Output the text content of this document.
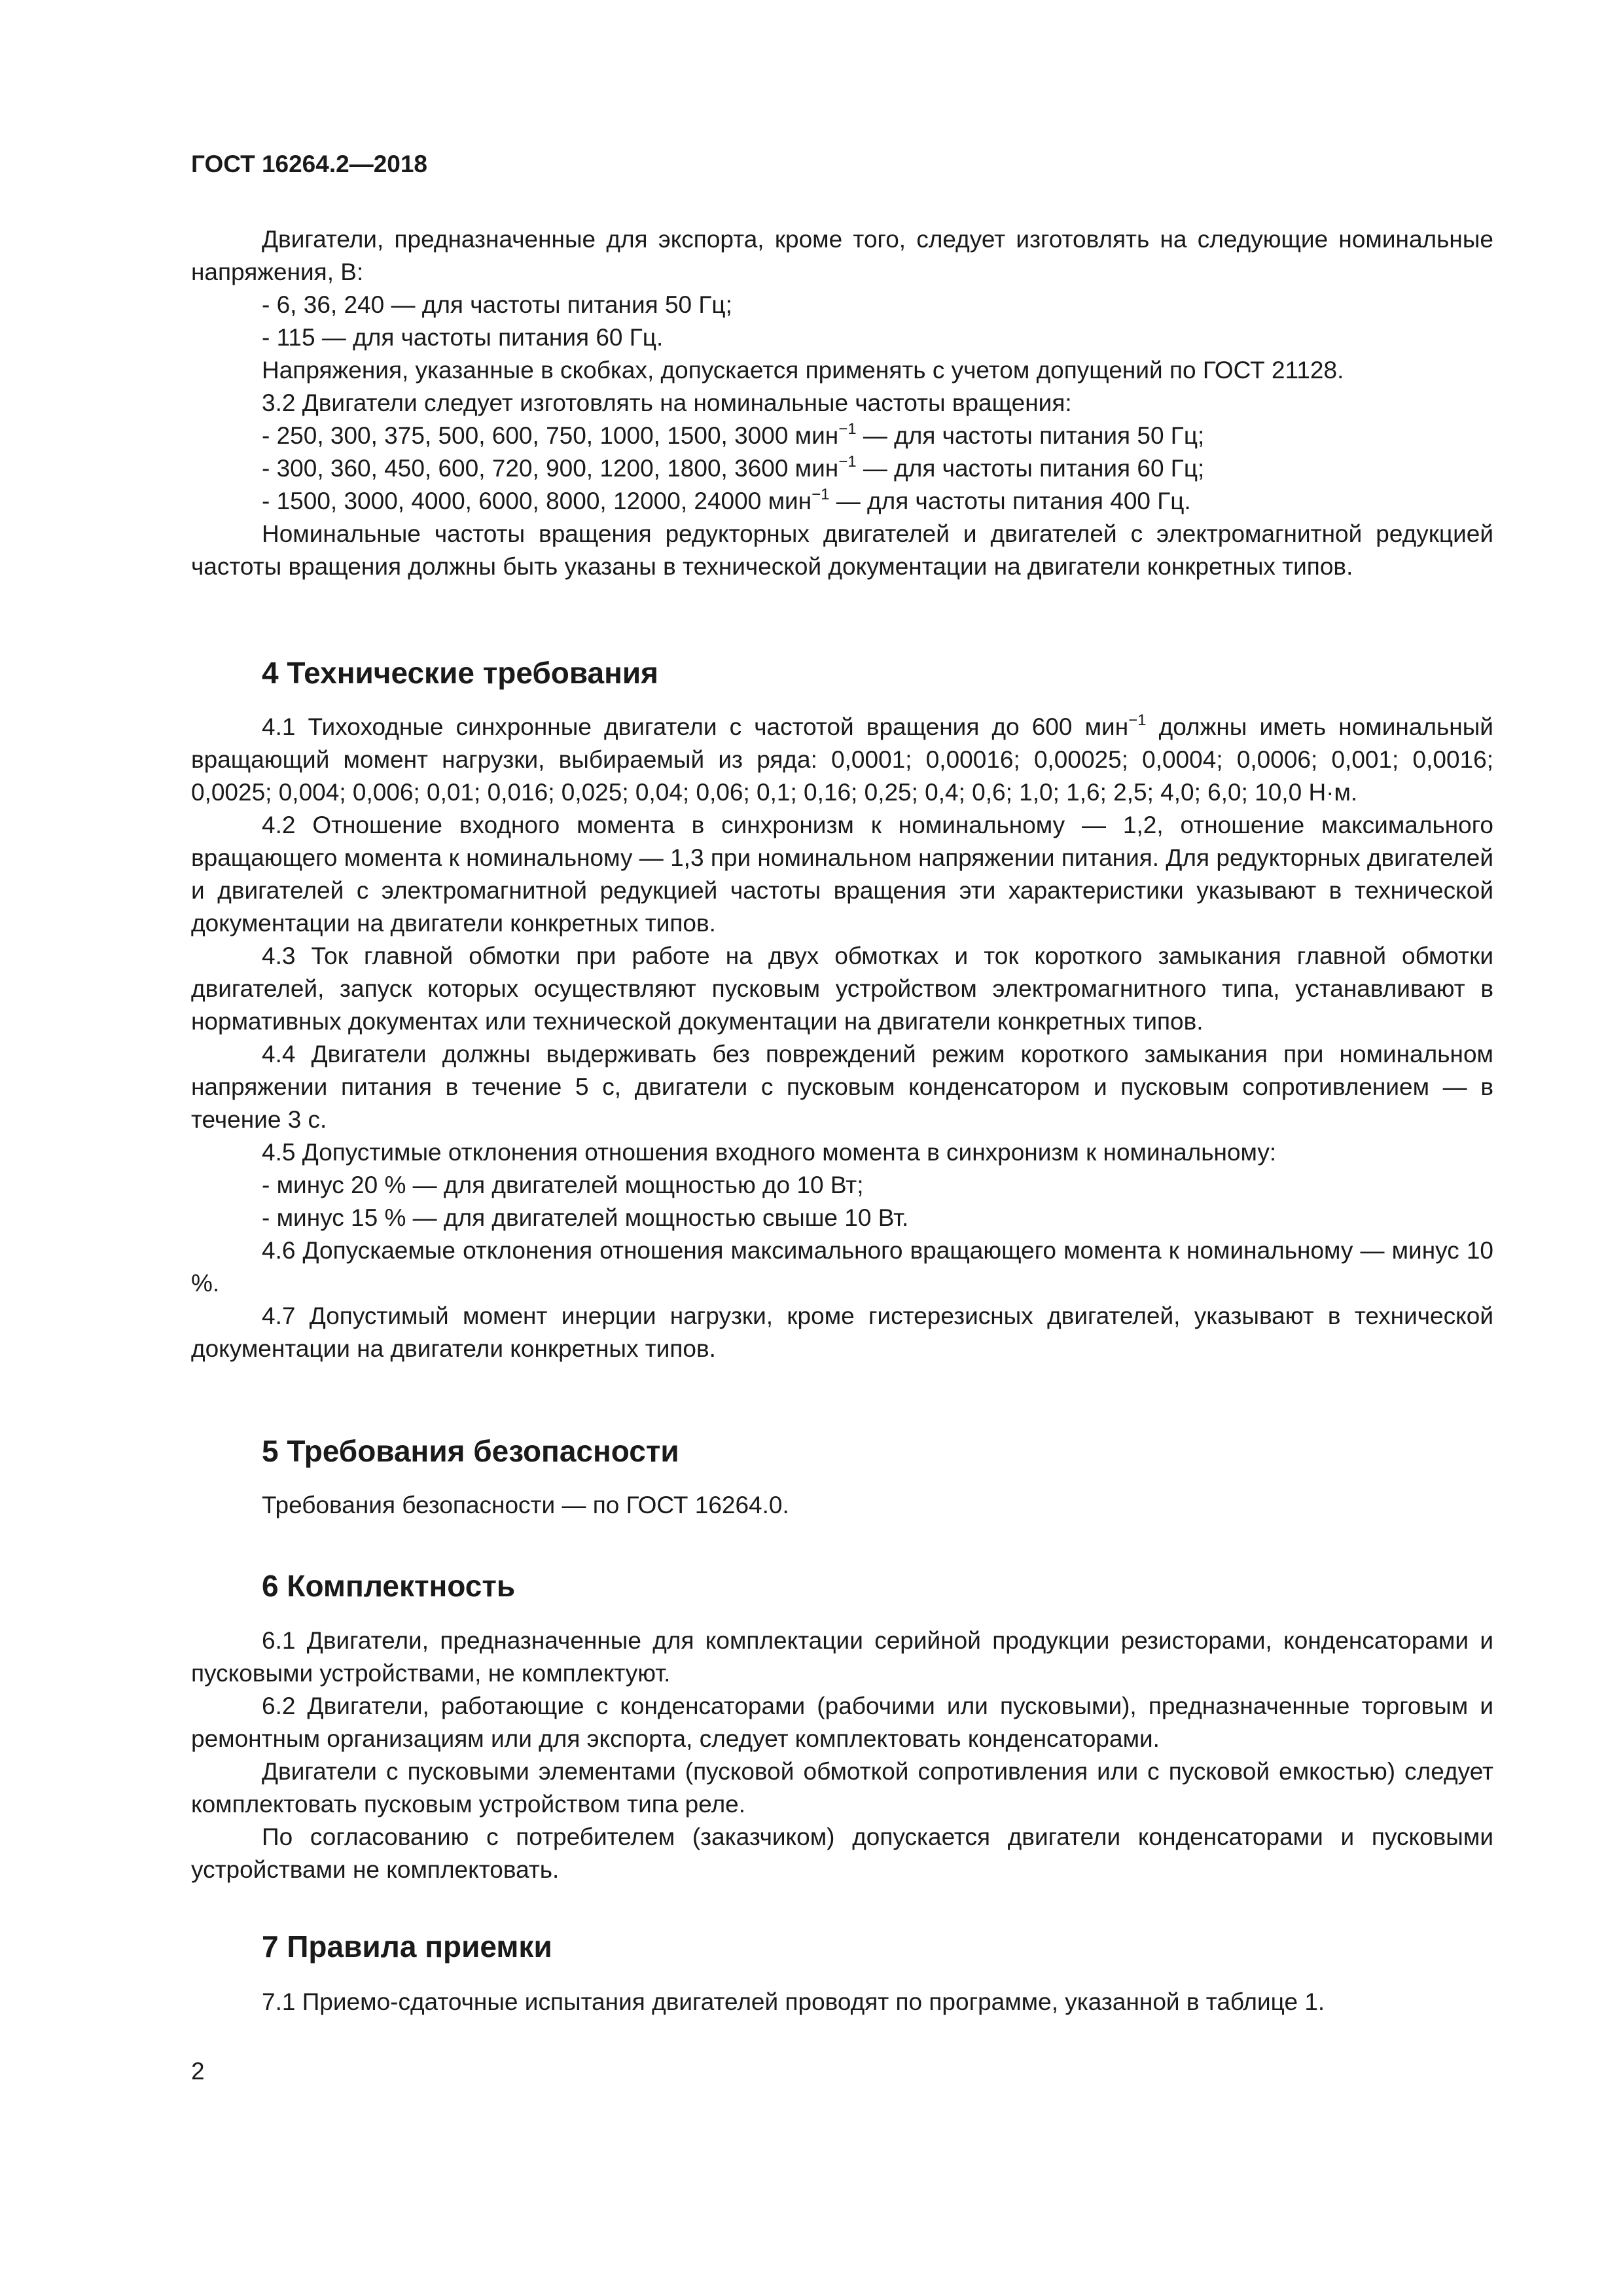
ГОСТ 16264.2—2018

Двигатели, предназначенные для экспорта, кроме того, следует изготовлять на следующие номинальные напряжения, В:

- 6, 36, 240 — для частоты питания 50 Гц;
- 115 — для частоты питания 60 Гц.

Напряжения, указанные в скобках, допускается применять с учетом допущений по ГОСТ 21128.

3.2 Двигатели следует изготовлять на номинальные частоты вращения:

- 250, 300, 375, 500, 600, 750, 1000, 1500, 3000 мин$^{-1}$ — для частоты питания 50 Гц;
- 300, 360, 450, 600, 720, 900, 1200, 1800, 3600 мин$^{-1}$ — для частоты питания 60 Гц;
- 1500, 3000, 4000, 6000, 8000, 12000, 24000 мин$^{-1}$ — для частоты питания 400 Гц.

Номинальные частоты вращения редукторных двигателей и двигателей с электромагнитной редукцией частоты вращения должны быть указаны в технической документации на двигатели конкретных типов.

4 Технические требования

4.1 Тихоходные синхронные двигатели с частотой вращения до 600 мин$^{-1}$ должны иметь номинальный вращающий момент нагрузки, выбираемый из ряда: 0,0001; 0,00016; 0,00025; 0,0004; 0,0006; 0,001; 0,0016; 0,0025; 0,004; 0,006; 0,01; 0,016; 0,025; 0,04; 0,06; 0,1; 0,16; 0,25; 0,4; 0,6; 1,0; 1,6; 2,5; 4,0; 6,0; 10,0 Н·м.

4.2 Отношение входного момента в синхронизм к номинальному — 1,2, отношение максимального вращающего момента к номинальному — 1,3 при номинальном напряжении питания. Для редукторных двигателей и двигателей с электромагнитной редукцией частоты вращения эти характеристики указывают в технической документации на двигатели конкретных типов.

4.3 Ток главной обмотки при работе на двух обмотках и ток короткого замыкания главной обмотки двигателей, запуск которых осуществляют пусковым устройством электромагнитного типа, устанавливают в нормативных документах или технической документации на двигатели конкретных типов.

4.4 Двигатели должны выдерживать без повреждений режим короткого замыкания при номинальном напряжении питания в течение 5 с, двигатели с пусковым конденсатором и пусковым сопротивлением — в течение 3 с.

4.5 Допустимые отклонения отношения входного момента в синхронизм к номинальному:

- минус 20 % — для двигателей мощностью до 10 Вт;
- минус 15 % — для двигателей мощностью свыше 10 Вт.

4.6 Допускаемые отклонения отношения максимального вращающего момента к номинальному — минус 10 %.

4.7 Допустимый момент инерции нагрузки, кроме гистерезисных двигателей, указывают в технической документации на двигатели конкретных типов.

5 Требования безопасности

Требования безопасности — по ГОСТ 16264.0.

6 Комплектность

6.1 Двигатели, предназначенные для комплектации серийной продукции резисторами, конденсаторами и пусковыми устройствами, не комплектуют.

6.2 Двигатели, работающие с конденсаторами (рабочими или пусковыми), предназначенные торговым и ремонтным организациям или для экспорта, следует комплектовать конденсаторами.

Двигатели с пусковыми элементами (пусковой обмоткой сопротивления или с пусковой емкостью) следует комплектовать пусковым устройством типа реле.

По согласованию с потребителем (заказчиком) допускается двигатели конденсаторами и пусковыми устройствами не комплектовать.

7 Правила приемки

7.1 Приемо-сдаточные испытания двигателей проводят по программе, указанной в таблице 1.

2
